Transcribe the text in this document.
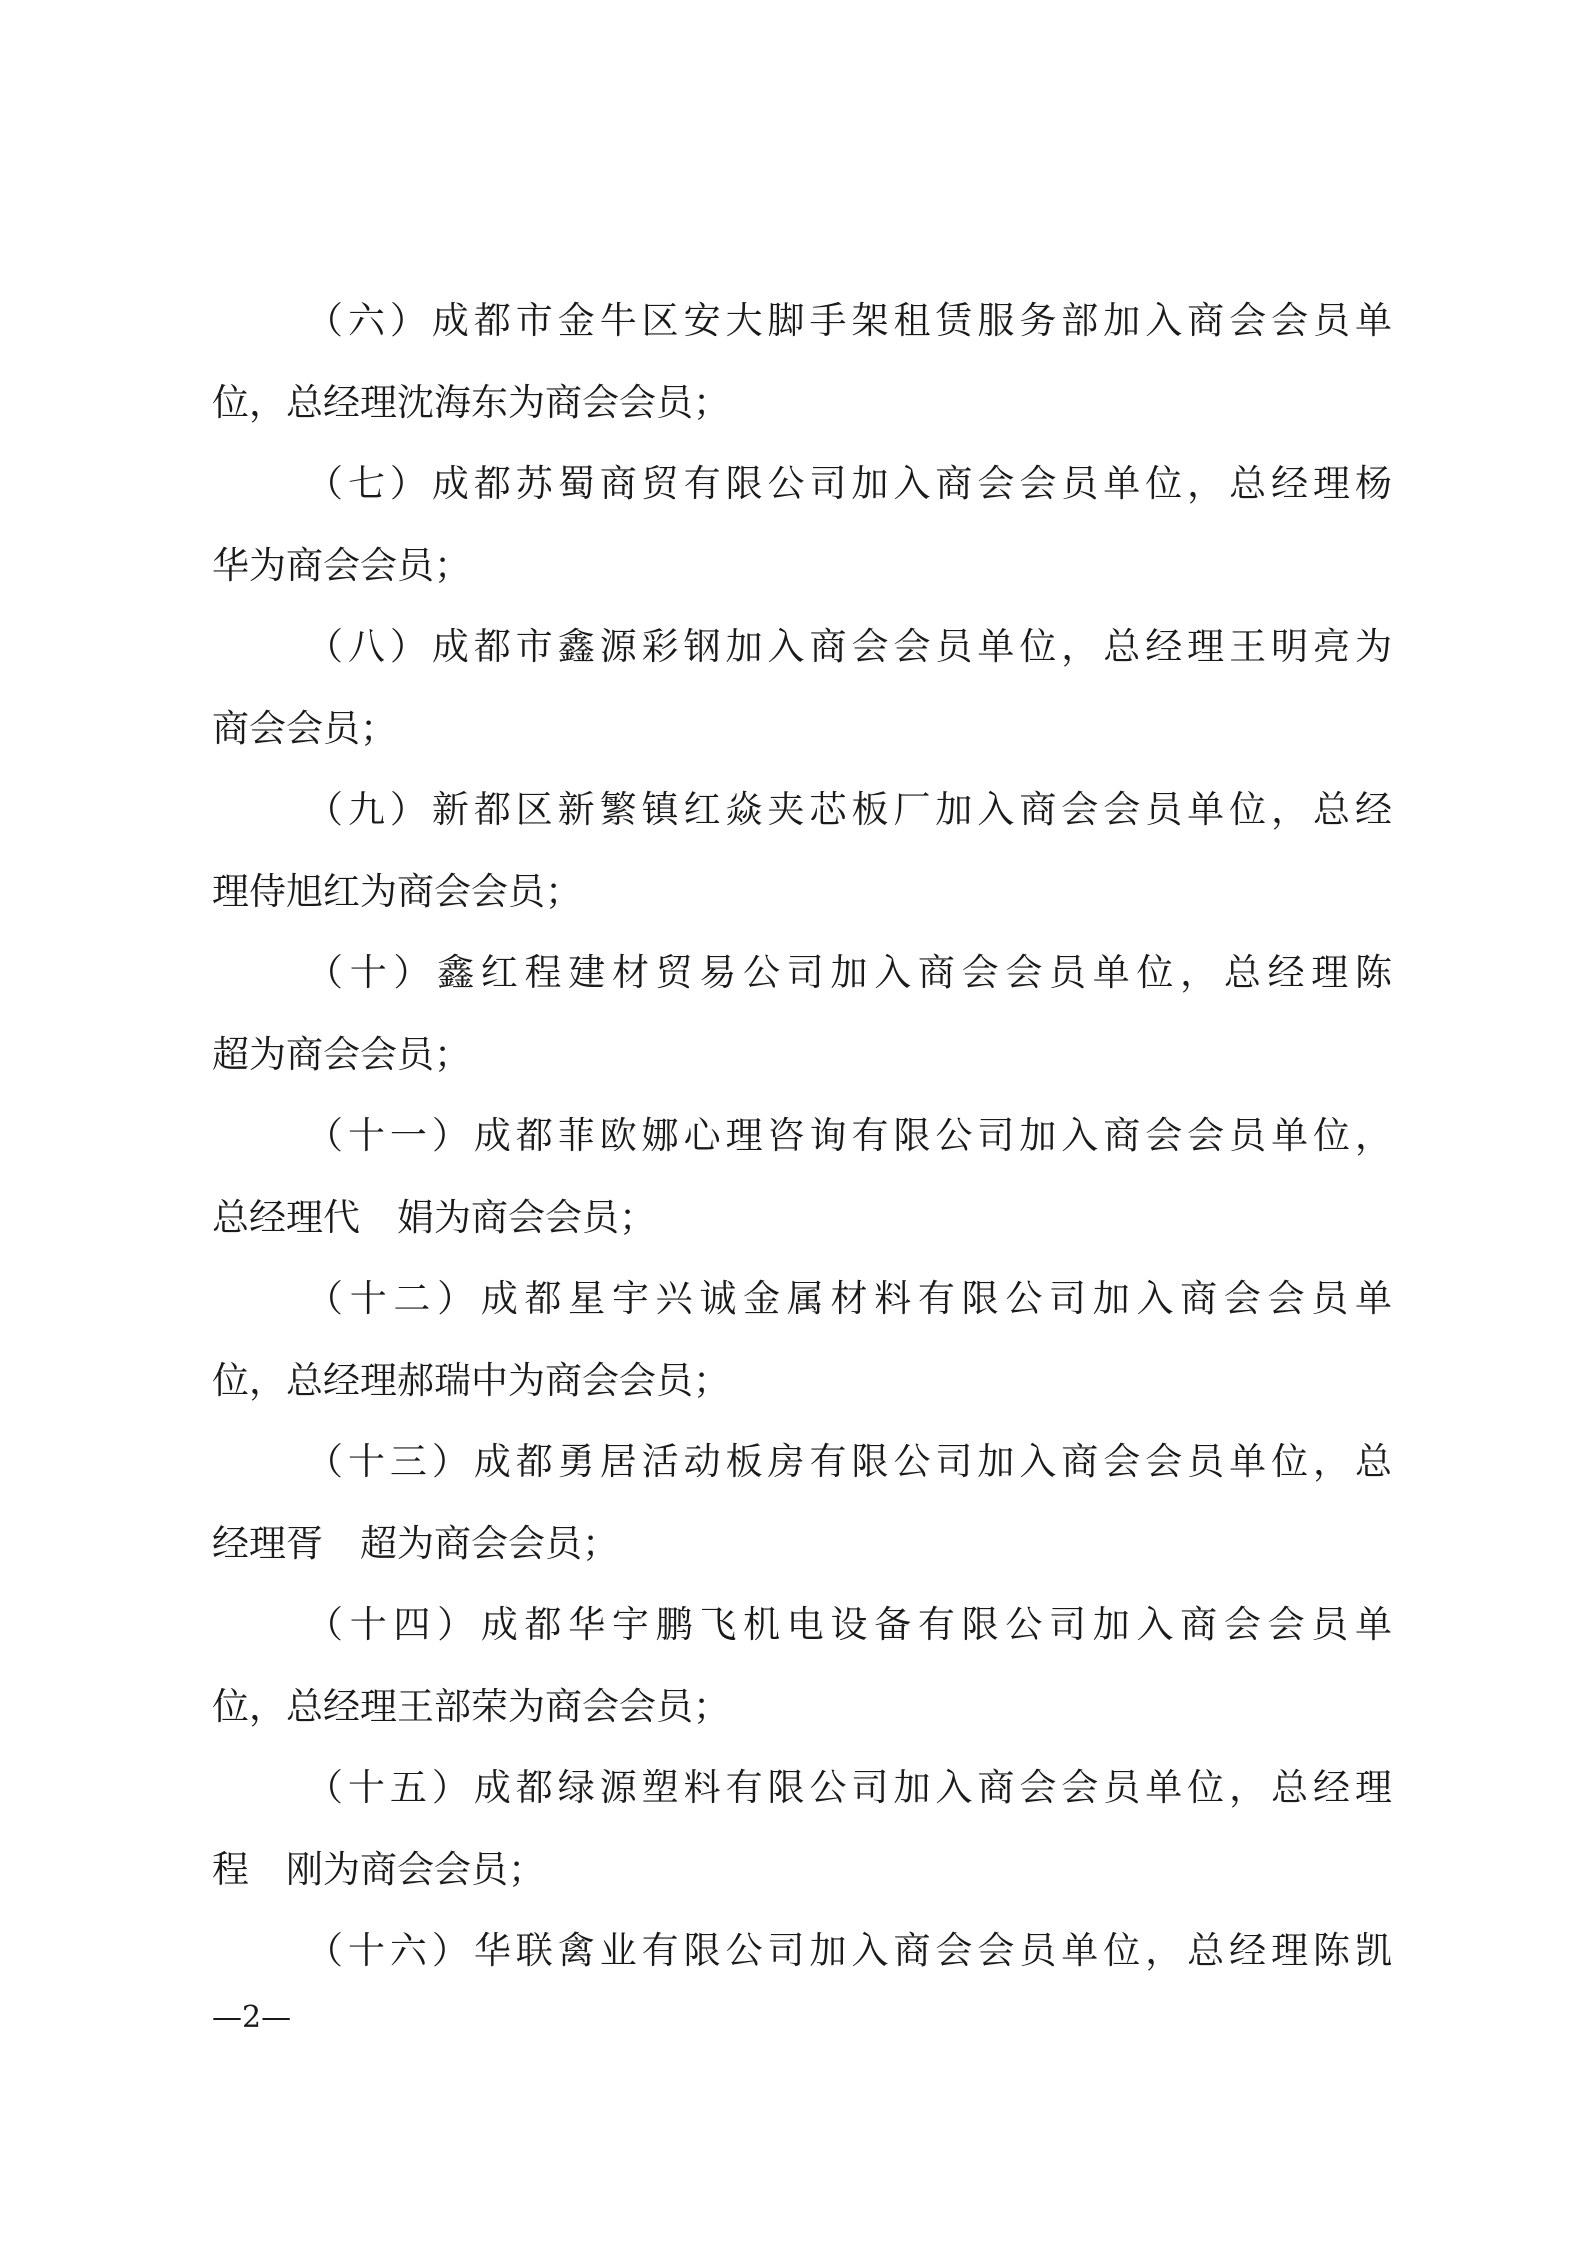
（六）成都市金牛区安大脚手架租赁服务部加入商会会员单
位，总经理沈海东为商会会员；
（七）成都苏蜀商贸有限公司加入商会会员单位，总经理杨
华为商会会员；
（八）成都市鑫源彩钢加入商会会员单位，总经理王明亮为
商会会员；
（九）新都区新繁镇红焱夹芯板厂加入商会会员单位，总经
理侍旭红为商会会员；
（十）鑫红程建材贸易公司加入商会会员单位，总经理陈
超为商会会员；
（十一）成都菲欧娜心理咨询有限公司加入商会会员单位，
总经理代　娟为商会会员；
（十二）成都星宇兴诚金属材料有限公司加入商会会员单
位，总经理郝瑞中为商会会员；
（十三）成都勇居活动板房有限公司加入商会会员单位，总
经理胥　超为商会会员；
（十四）成都华宇鹏飞机电设备有限公司加入商会会员单
位，总经理王部荣为商会会员；
（十五）成都绿源塑料有限公司加入商会会员单位，总经理
程　刚为商会会员；
（十六）华联禽业有限公司加入商会会员单位，总经理陈凯
—2—
